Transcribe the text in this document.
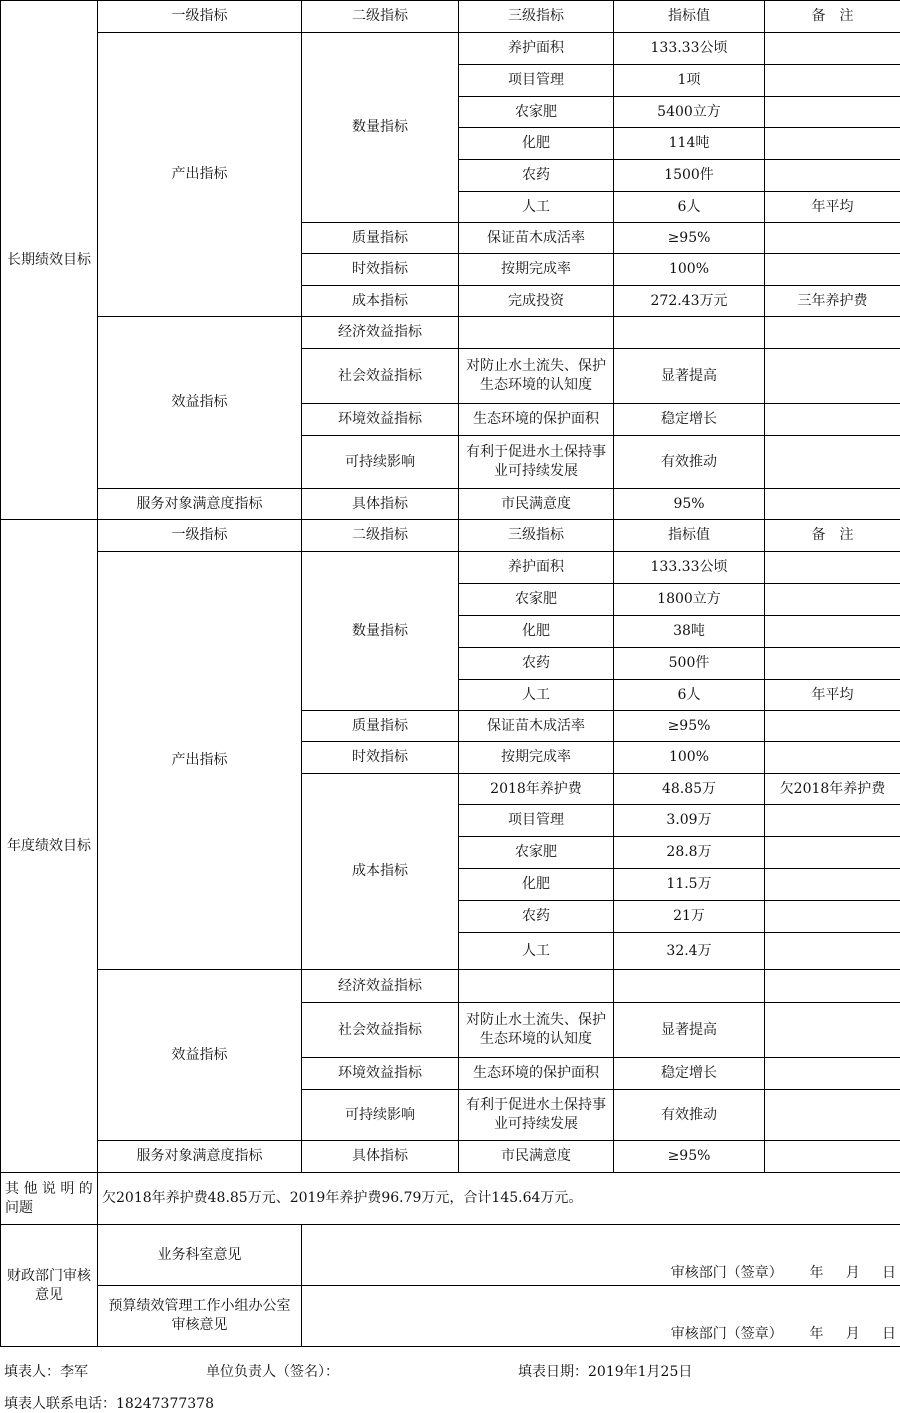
长期绩效目标	一级指标	二级指标	三级指标	指标值	备　注
	产出指标	数量指标	养护面积	133.33公顷	
			项目管理	1项	
			农家肥	5400立方	
			化肥	114吨	
			农药	1500件	
			人工	6人	年平均
		质量指标	保证苗木成活率	≥95%	
		时效指标	按期完成率	100%	
		成本指标	完成投资	272.43万元	三年养护费
	效益指标	经济效益指标			
		社会效益指标	对防止水土流失、保护生态环境的认知度	显著提高	
		环境效益指标	生态环境的保护面积	稳定增长	
		可持续影响	有利于促进水土保持事业可持续发展	有效推动	
	服务对象满意度指标	具体指标	市民满意度	95%	
年度绩效目标	一级指标	二级指标	三级指标	指标值	备　注
	产出指标	数量指标	养护面积	133.33公顷	
			农家肥	1800立方	
			化肥	38吨	
			农药	500件	
			人工	6人	年平均
		质量指标	保证苗木成活率	≥95%	
		时效指标	按期完成率	100%	
		成本指标	2018年养护费	48.85万	欠2018年养护费
			项目管理	3.09万	
			农家肥	28.8万	
			化肥	11.5万	
			农药	21万	
			人工	32.4万	
	效益指标	经济效益指标			
		社会效益指标	对防止水土流失、保护生态环境的认知度	显著提高	
		环境效益指标	生态环境的保护面积	稳定增长	
		可持续影响	有利于促进水土保持事业可持续发展	有效推动	
	服务对象满意度指标	具体指标	市民满意度	≥95%	
其 他 说 明 的问题	欠2018年养护费48.85万元、2019年养护费96.79万元，合计145.64万元。				
财政部门审核意见	业务科室意见	审核部门（签章）      年     月     日			

	预算绩效管理工作小组办公室审核意见	审核部门（签章）      年     月     日			
填表人：李军	单位负责人（签名）：	填表日期：2019年1月25日
填表人联系电话：18247377378
